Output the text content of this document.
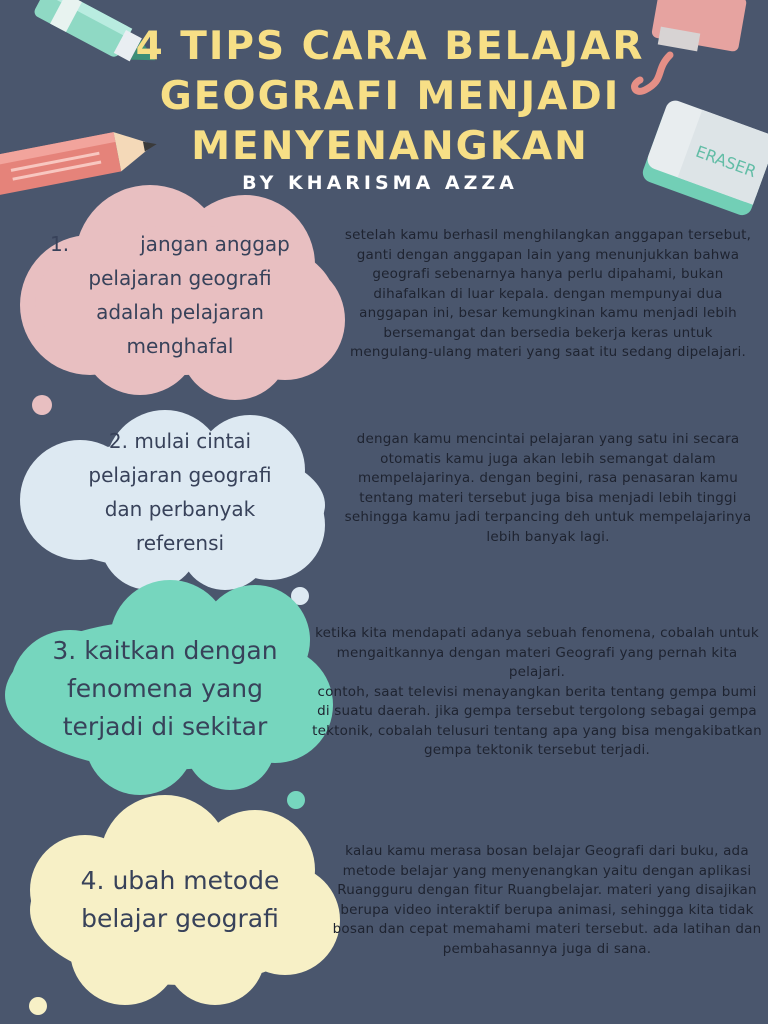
ERASER
4 TIPS CARA BELAJAR
GEOGRAFI MENJADI
MENYENANGKAN
BY KHARISMA AZZA
1.	jangan anggap
pelajaran geografi
adalah pelajaran
menghafal
setelah kamu berhasil menghilangkan anggapan tersebut, ganti dengan anggapan lain yang menunjukkan bahwa geografi sebenarnya hanya perlu dipahami, bukan dihafalkan di luar kepala. dengan mempunyai dua anggapan ini, besar kemungkinan kamu menjadi lebih bersemangat dan bersedia bekerja keras untuk mengulang-ulang materi yang saat itu sedang dipelajari.
2. mulai cintai
pelajaran geografi
dan perbanyak
referensi
dengan kamu mencintai pelajaran yang satu ini secara otomatis kamu juga akan lebih semangat dalam mempelajarinya. dengan begini, rasa penasaran kamu tentang materi tersebut juga bisa menjadi lebih tinggi sehingga kamu jadi terpancing deh untuk mempelajarinya lebih banyak lagi.
3. kaitkan dengan
fenomena yang
terjadi di sekitar
ketika kita mendapati adanya sebuah fenomena, cobalah untuk mengaitkannya dengan materi Geografi yang pernah kita pelajari.
contoh, saat televisi menayangkan berita tentang gempa bumi di suatu daerah. jika gempa tersebut tergolong sebagai gempa tektonik, cobalah telusuri tentang apa yang bisa mengakibatkan gempa tektonik tersebut terjadi.
4. ubah metode
belajar geografi
kalau kamu merasa bosan belajar Geografi dari buku, ada metode belajar yang menyenangkan yaitu dengan aplikasi Ruangguru dengan fitur Ruangbelajar. materi yang disajikan berupa video interaktif berupa animasi, sehingga kita tidak bosan dan cepat memahami materi tersebut. ada latihan dan pembahasannya juga di sana.
